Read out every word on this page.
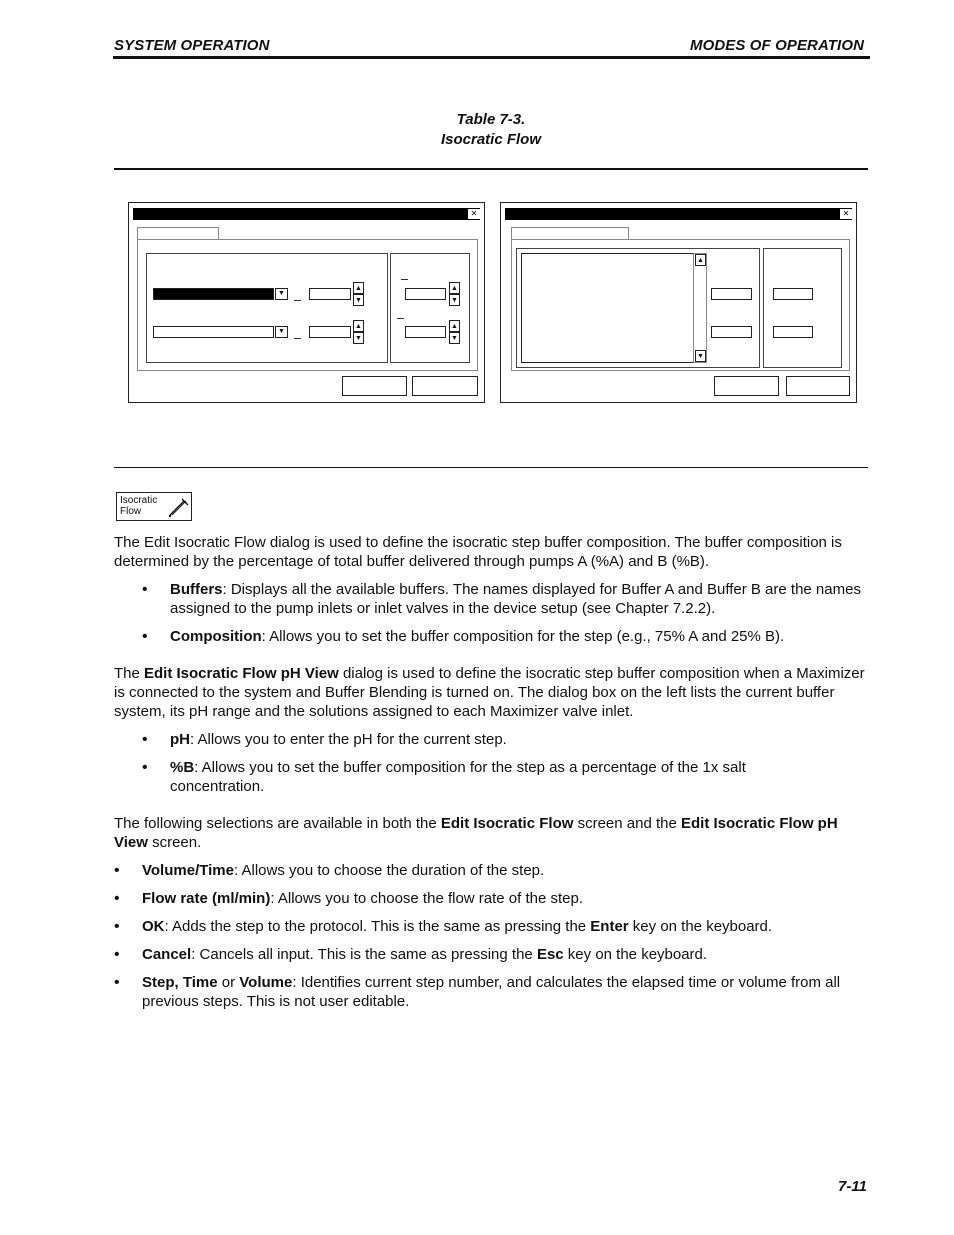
SYSTEM OPERATION	MODES OF OPERATION
Table 7-3.
Isocratic Flow
✕
▼
▲
▼
▼
▲
▼
▲
▼
▲
▼
✕
▲
▼
Isocratic
Flow
The Edit Isocratic Flow dialog is used to define the isocratic step buffer composition. The buffer composition is determined by the percentage of total buffer delivered through pumps A (%A) and B (%B).
• Buffers: Displays all the available buffers. The names displayed for Buffer A and Buffer B are the names assigned to the pump inlets or inlet valves in the device setup (see Chapter 7.2.2).
• Composition: Allows you to set the buffer composition for the step (e.g., 75% A and 25% B).
The Edit Isocratic Flow pH View dialog is used to define the isocratic step buffer composition when a Maximizer is connected to the system and Buffer Blending is turned on. The dialog box on the left lists the current buffer system, its pH range and the solutions assigned to each Maximizer valve inlet.
• pH: Allows you to enter the pH for the current step.
• %B: Allows you to set the buffer composition for the step as a percentage of the 1x salt concentration.
The following selections are available in both the Edit Isocratic Flow screen and the Edit Isocratic Flow pH View screen.
• Volume/Time: Allows you to choose the duration of the step.
• Flow rate (ml/min): Allows you to choose the flow rate of the step.
• OK: Adds the step to the protocol. This is the same as pressing the Enter key on the keyboard.
• Cancel: Cancels all input. This is the same as pressing the Esc key on the keyboard.
• Step, Time or Volume: Identifies current step number, and calculates the elapsed time or volume from all previous steps. This is not user editable.
7-11
